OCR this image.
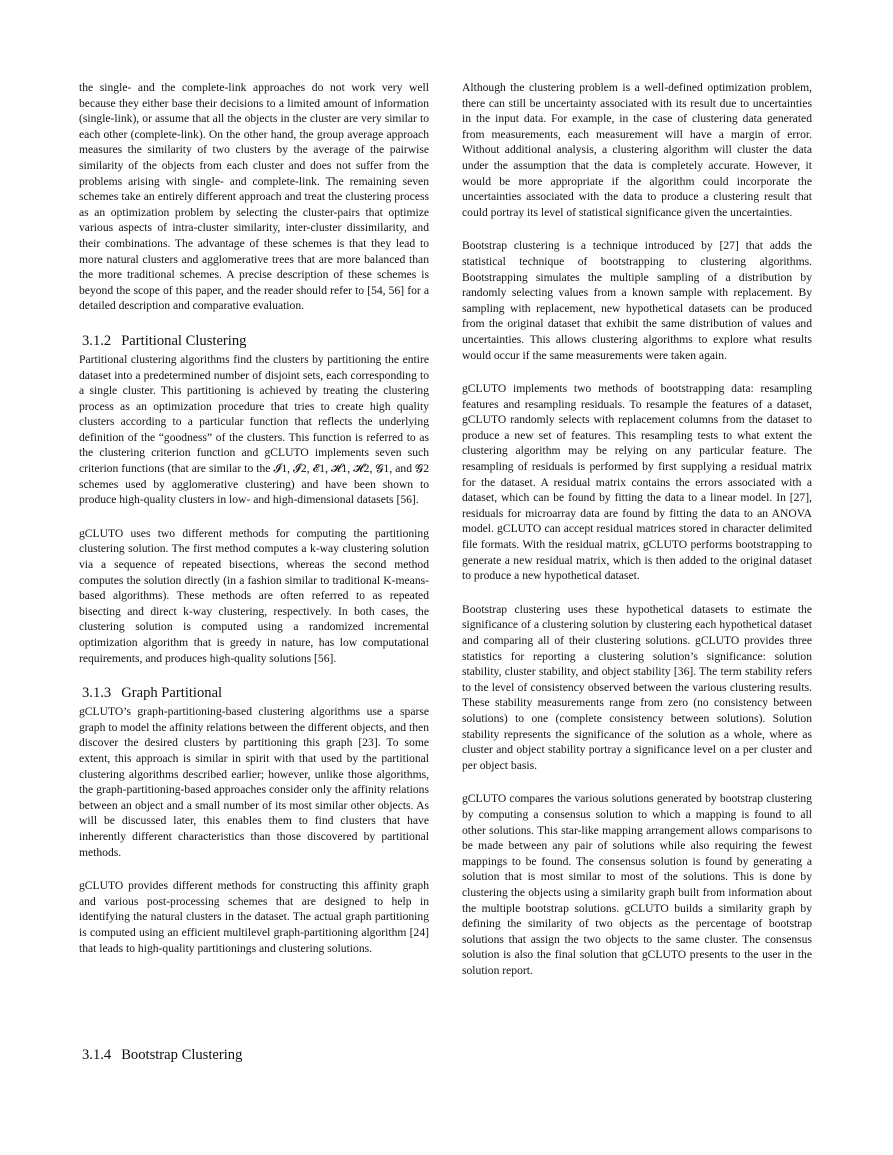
the single- and the complete-link approaches do not work very well because they either base their decisions to a limited amount of information (single-link), or assume that all the objects in the cluster are very similar to each other (complete-link). On the other hand, the group average approach measures the similarity of two clusters by the average of the pairwise similarity of the objects from each cluster and does not suffer from the problems arising with single- and complete-link. The remaining seven schemes take an entirely different approach and treat the clustering process as an optimization problem by selecting the cluster-pairs that optimize various aspects of intra-cluster similarity, inter-cluster dissimilarity, and their combinations. The advantage of these schemes is that they lead to more natural clusters and agglomerative trees that are more balanced than the more traditional schemes. A precise description of these schemes is beyond the scope of this paper, and the reader should refer to [54, 56] for a detailed description and comparative evaluation.

3.1.2 Partitional Clustering

Partitional clustering algorithms find the clusters by partitioning the entire dataset into a predetermined number of disjoint sets, each corresponding to a single cluster. This partitioning is achieved by treating the clustering process as an optimization procedure that tries to create high quality clusters according to a particular function that reflects the underlying definition of the “goodness” of the clusters. This function is referred to as the clustering criterion function and gCLUTO implements seven such criterion functions (that are similar to the 𝓘1, 𝓘2, 𝓔1, 𝓗1, 𝓗2, 𝓖1, and 𝓖2 schemes used by agglomerative clustering) and have been shown to produce high-quality clusters in low- and high-dimensional datasets [56].

gCLUTO uses two different methods for computing the partitioning clustering solution. The first method computes a k-way clustering solution via a sequence of repeated bisections, whereas the second method computes the solution directly (in a fashion similar to traditional K-means-based algorithms). These methods are often referred to as repeated bisecting and direct k-way clustering, respectively. In both cases, the clustering solution is computed using a randomized incremental optimization algorithm that is greedy in nature, has low computational requirements, and produces high-quality solutions [56].

3.1.3 Graph Partitional

gCLUTO’s graph-partitioning-based clustering algorithms use a sparse graph to model the affinity relations between the different objects, and then discover the desired clusters by partitioning this graph [23]. To some extent, this approach is similar in spirit with that used by the partitional clustering algorithms described earlier; however, unlike those algorithms, the graph-partitioning-based approaches consider only the affinity relations between an object and a small number of its most similar other objects. As will be discussed later, this enables them to find clusters that have inherently different characteristics than those discovered by partitional methods.

gCLUTO provides different methods for constructing this affinity graph and various post-processing schemes that are designed to help in identifying the natural clusters in the dataset. The actual graph partitioning is computed using an efficient multilevel graph-partitioning algorithm [24] that leads to high-quality partitionings and clustering solutions.

3.1.4 Bootstrap Clustering

Although the clustering problem is a well-defined optimization problem, there can still be uncertainty associated with its result due to uncertainties in the input data. For example, in the case of clustering data generated from measurements, each measurement will have a margin of error. Without additional analysis, a clustering algorithm will cluster the data under the assumption that the data is completely accurate. However, it would be more appropriate if the algorithm could incorporate the uncertainties associated with the data to produce a clustering result that could portray its level of statistical significance given the uncertainties.

Bootstrap clustering is a technique introduced by [27] that adds the statistical technique of bootstrapping to clustering algorithms. Bootstrapping simulates the multiple sampling of a distribution by randomly selecting values from a known sample with replacement. By sampling with replacement, new hypothetical datasets can be produced from the original dataset that exhibit the same distribution of values and uncertainties. This allows clustering algorithms to explore what results would occur if the same measurements were taken again.

gCLUTO implements two methods of bootstrapping data: resampling features and resampling residuals. To resample the features of a dataset, gCLUTO randomly selects with replacement columns from the dataset to produce a new set of features. This resampling tests to what extent the clustering algorithm may be relying on any particular feature. The resampling of residuals is performed by first supplying a residual matrix for the dataset. A residual matrix contains the errors associated with a dataset, which can be found by fitting the data to a linear model. In [27], residuals for microarray data are found by fitting the data to an ANOVA model. gCLUTO can accept residual matrices stored in character delimited file formats. With the residual matrix, gCLUTO performs bootstrapping to generate a new residual matrix, which is then added to the original dataset to produce a new hypothetical dataset.

Bootstrap clustering uses these hypothetical datasets to estimate the significance of a clustering solution by clustering each hypothetical dataset and comparing all of their clustering solutions. gCLUTO provides three statistics for reporting a clustering solution’s significance: solution stability, cluster stability, and object stability [36]. The term stability refers to the level of consistency observed between the various clustering results. These stability measurements range from zero (no consistency between solutions) to one (complete consistency between solutions). Solution stability represents the significance of the solution as a whole, where as cluster and object stability portray a significance level on a per cluster and per object basis.

gCLUTO compares the various solutions generated by bootstrap clustering by computing a consensus solution to which a mapping is found to all other solutions. This star-like mapping arrangement allows comparisons to be made between any pair of solutions while also requiring the fewest mappings to be found. The consensus solution is found by generating a solution that is most similar to most of the solutions. This is done by clustering the objects using a similarity graph built from information about the multiple bootstrap solutions. gCLUTO builds a similarity graph by defining the similarity of two objects as the percentage of bootstrap solutions that assign the two objects to the same cluster. The consensus solution is also the final solution that gCLUTO presents to the user in the solution report.
